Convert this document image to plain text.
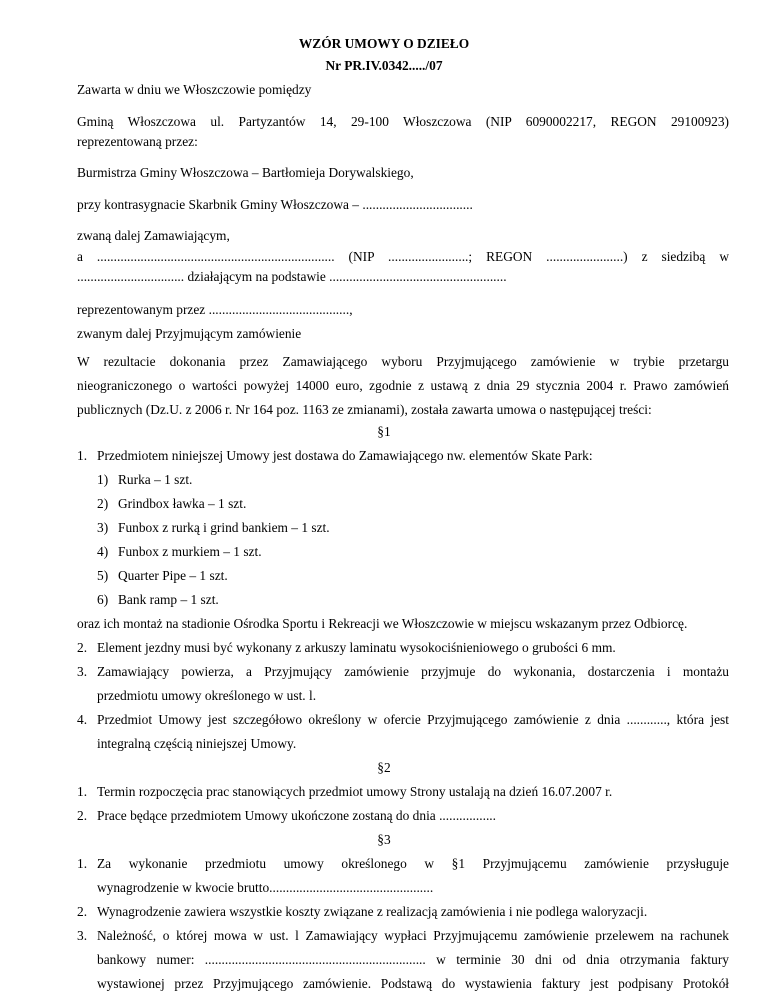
WZÓR UMOWY O DZIEŁO
Nr PR.IV.0342...../07
Zawarta w dniu we Włoszczowie pomiędzy
Gminą Włoszczowa ul. Partyzantów 14, 29-100 Włoszczowa (NIP 6090002217, REGON 29100923)
reprezentowaną przez:
Burmistrza Gminy Włoszczowa – Bartłomieja Dorywalskiego,
przy kontrasygnacie Skarbnik Gminy Włoszczowa – .................................
zwaną dalej Zamawiającym,
a ....................................................................... (NIP ........................; REGON .......................) z siedzibą w
................................ działającym na podstawie .....................................................
reprezentowanym przez ..........................................,
zwanym dalej Przyjmującym zamówienie
W rezultacie dokonania przez Zamawiającego wyboru Przyjmującego zamówienie w trybie przetargu
nieograniczonego o wartości powyżej 14000 euro, zgodnie z ustawą z dnia 29 stycznia 2004 r. Prawo zamówień
publicznych (Dz.U. z 2006 r. Nr 164 poz. 1163 ze zmianami), została zawarta umowa o następującej treści:
§1
1. Przedmiotem niniejszej Umowy jest dostawa do Zamawiającego nw. elementów Skate Park:
1) Rurka – 1 szt.
2) Grindbox ławka – 1 szt.
3) Funbox z rurką i grind bankiem – 1 szt.
4) Funbox z murkiem – 1 szt.
5) Quarter Pipe – 1 szt.
6) Bank ramp – 1 szt.
oraz ich montaż na stadionie Ośrodka Sportu i Rekreacji we Włoszczowie w miejscu wskazanym przez Odbiorcę.
2. Element jezdny musi być wykonany z arkuszy laminatu wysokociśnieniowego o grubości 6 mm.
3. Zamawiający powierza, a Przyjmujący zamówienie przyjmuje do wykonania, dostarczenia i montażu
przedmiotu umowy określonego w ust. l.
4. Przedmiot Umowy jest szczegółowo określony w ofercie Przyjmującego zamówienie z dnia ............, która jest
integralną częścią niniejszej Umowy.
§2
1. Termin rozpoczęcia prac stanowiących przedmiot umowy Strony ustalają na dzień 16.07.2007 r.
2. Prace będące przedmiotem Umowy ukończone zostaną do dnia .................
§3
1. Za wykonanie przedmiotu umowy określonego w §1 Przyjmującemu zamówienie przysługuje
wynagrodzenie w kwocie brutto.................................................
2. Wynagrodzenie zawiera wszystkie koszty związane z realizacją zamówienia i nie podlega waloryzacji.
3. Należność, o której mowa w ust. l Zamawiający wypłaci Przyjmującemu zamówienie przelewem na rachunek
bankowy numer: .................................................................. w terminie 30 dni od dnia otrzymania faktury
wystawionej przez Przyjmującego zamówienie. Podstawą do wystawienia faktury jest podpisany Protokół
